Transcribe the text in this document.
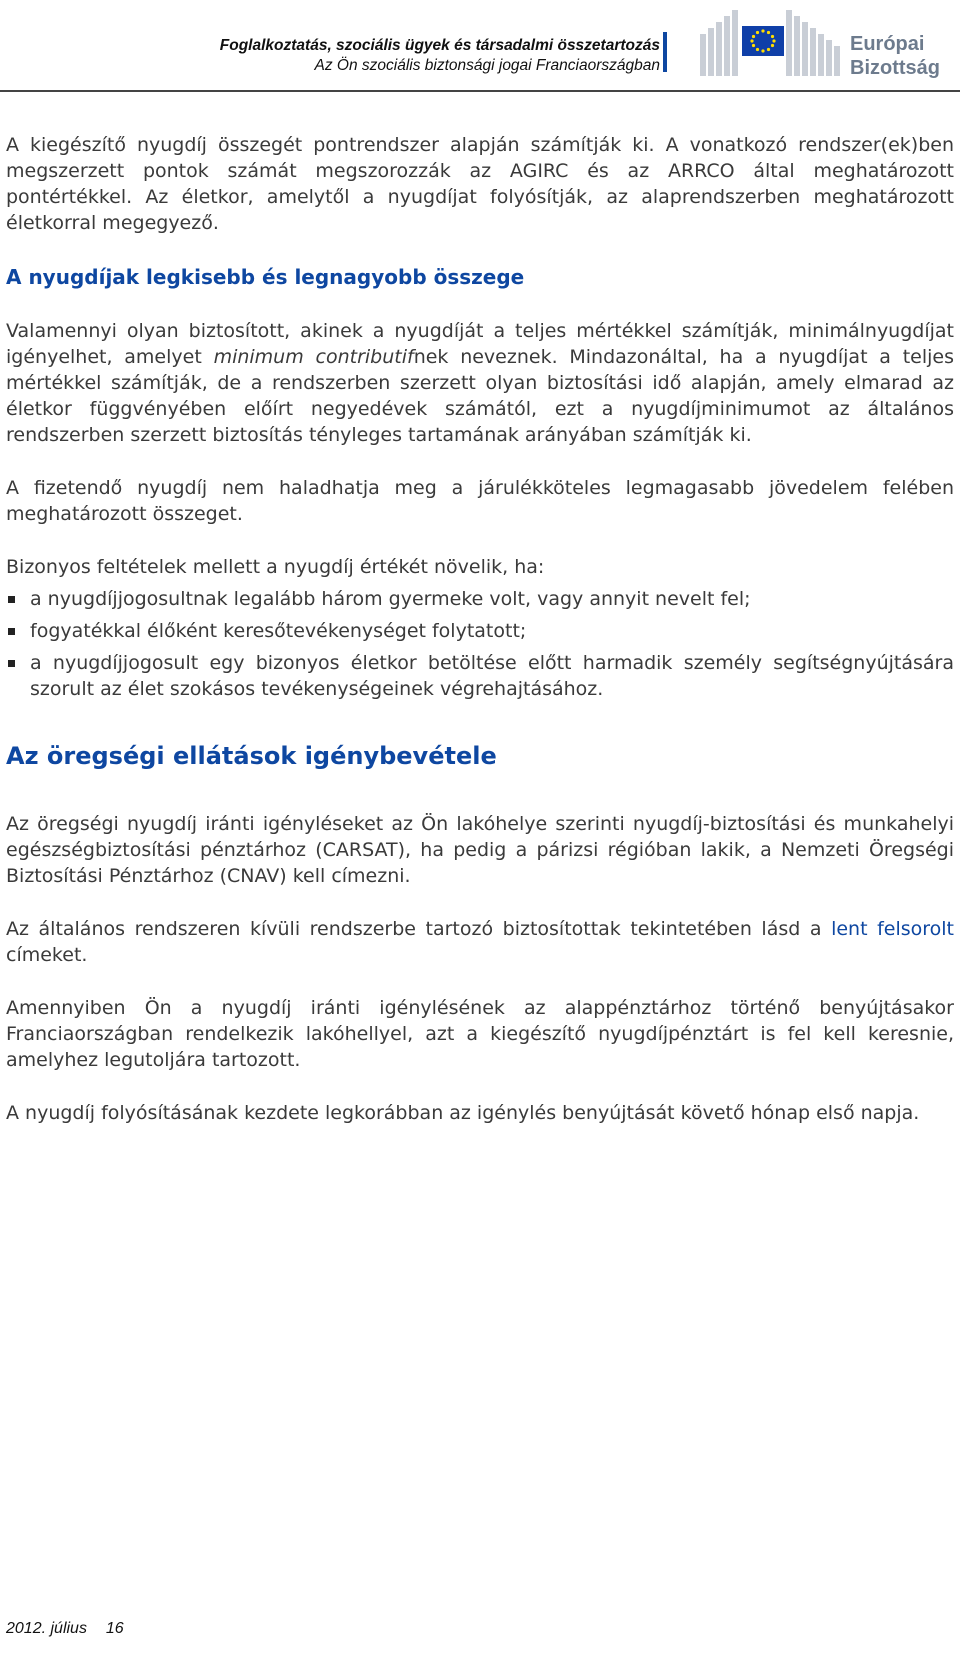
Foglalkoztatás, szociális ügyek és társadalmi összetartozás
Az Ön szociális biztonsági jogai Franciaországban
Európai
Bizottság

A kiegészítő nyugdíj összegét pontrendszer alapján számítják ki. A vonatkozó rendszer(ek)ben megszerzett pontok számát megszorozzák az AGIRC és az ARRCO által meghatározott pontértékkel. Az életkor, amelytől a nyugdíjat folyósítják, az alaprendszerben meghatározott életkorral megegyező.

A nyugdíjak legkisebb és legnagyobb összege

Valamennyi olyan biztosított, akinek a nyugdíját a teljes mértékkel számítják, minimálnyugdíjat igényelhet, amelyet minimum contributifnek neveznek. Mindazonáltal, ha a nyugdíjat a teljes mértékkel számítják, de a rendszerben szerzett olyan biztosítási idő alapján, amely elmarad az életkor függvényében előírt negyedévek számától, ezt a nyugdíjminimumot az általános rendszerben szerzett biztosítás tényleges tartamának arányában számítják ki.

A fizetendő nyugdíj nem haladhatja meg a járulékköteles legmagasabb jövedelem felében meghatározott összeget.

Bizonyos feltételek mellett a nyugdíj értékét növelik, ha:

a nyugdíjjogosultnak legalább három gyermeke volt, vagy annyit nevelt fel;
fogyatékkal élőként keresőtevékenységet folytatott;
a nyugdíjjogosult egy bizonyos életkor betöltése előtt harmadik személy segítségnyújtására szorult az élet szokásos tevékenységeinek végrehajtásához.
Az öregségi ellátások igénybevétele

Az öregségi nyugdíj iránti igényléseket az Ön lakóhelye szerinti nyugdíj-biztosítási és munkahelyi egészségbiztosítási pénztárhoz (CARSAT), ha pedig a párizsi régióban lakik, a Nemzeti Öregségi Biztosítási Pénztárhoz (CNAV) kell címezni.

Az általános rendszeren kívüli rendszerbe tartozó biztosítottak tekintetében lásd a lent felsorolt címeket.

Amennyiben Ön a nyugdíj iránti igénylésének az alappénztárhoz történő benyújtásakor Franciaországban rendelkezik lakóhellyel, azt a kiegészítő nyugdíjpénztárt is fel kell keresnie, amelyhez legutoljára tartozott.

A nyugdíj folyósításának kezdete legkorábban az igénylés benyújtását követő hónap első napja.

2012. július 16
